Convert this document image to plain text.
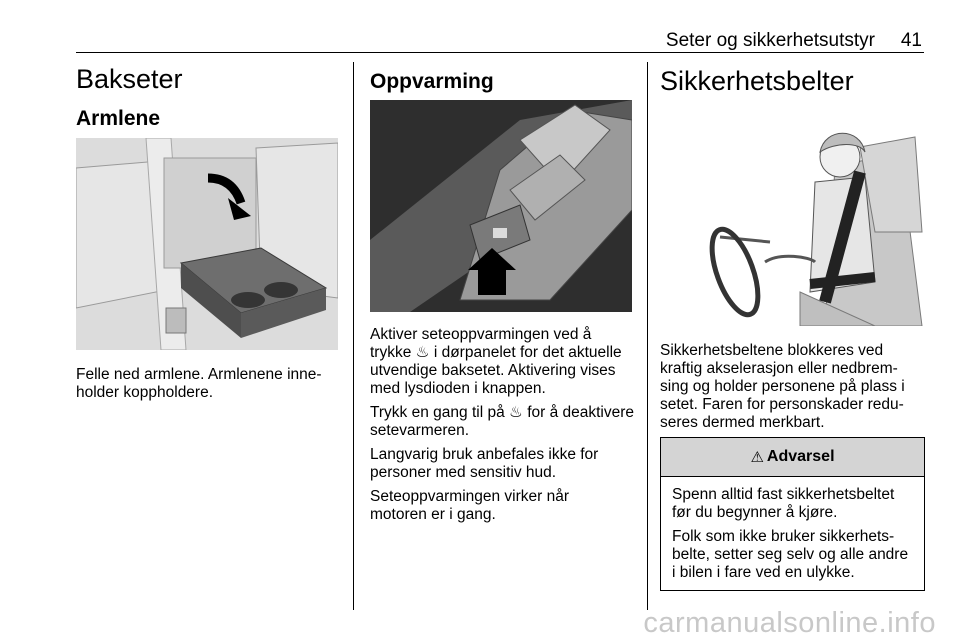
Seter og sikkerhetsutstyr 41
Bakseter
Armlene
Felle ned armlene. Armlenene inne-
holder koppholdere.
Oppvarming

Aktiver seteoppvarmingen ved å
trykke ♨ i dørpanelet for det aktuelle
utvendige baksetet. Aktivering vises
med lysdioden i knappen.

Trykk en gang til på ♨ for å deaktivere
setevarmeren.

Langvarig bruk anbefales ikke for
personer med sensitiv hud.

Seteoppvarmingen virker når
motoren er i gang.

Sikkerhetsbelter
Sikkerhetsbeltene blokkeres ved
kraftig akselerasjon eller nedbrem-
sing og holder personene på plass i
setet. Faren for personskader redu-
seres dermed merkbart.
⚠ Advarsel

Spenn alltid fast sikkerhetsbeltet
før du begynner å kjøre.

Folk som ikke bruker sikkerhets-
belte, setter seg selv og alle andre
i bilen i fare ved en ulykke.

carmanualsonline.info
